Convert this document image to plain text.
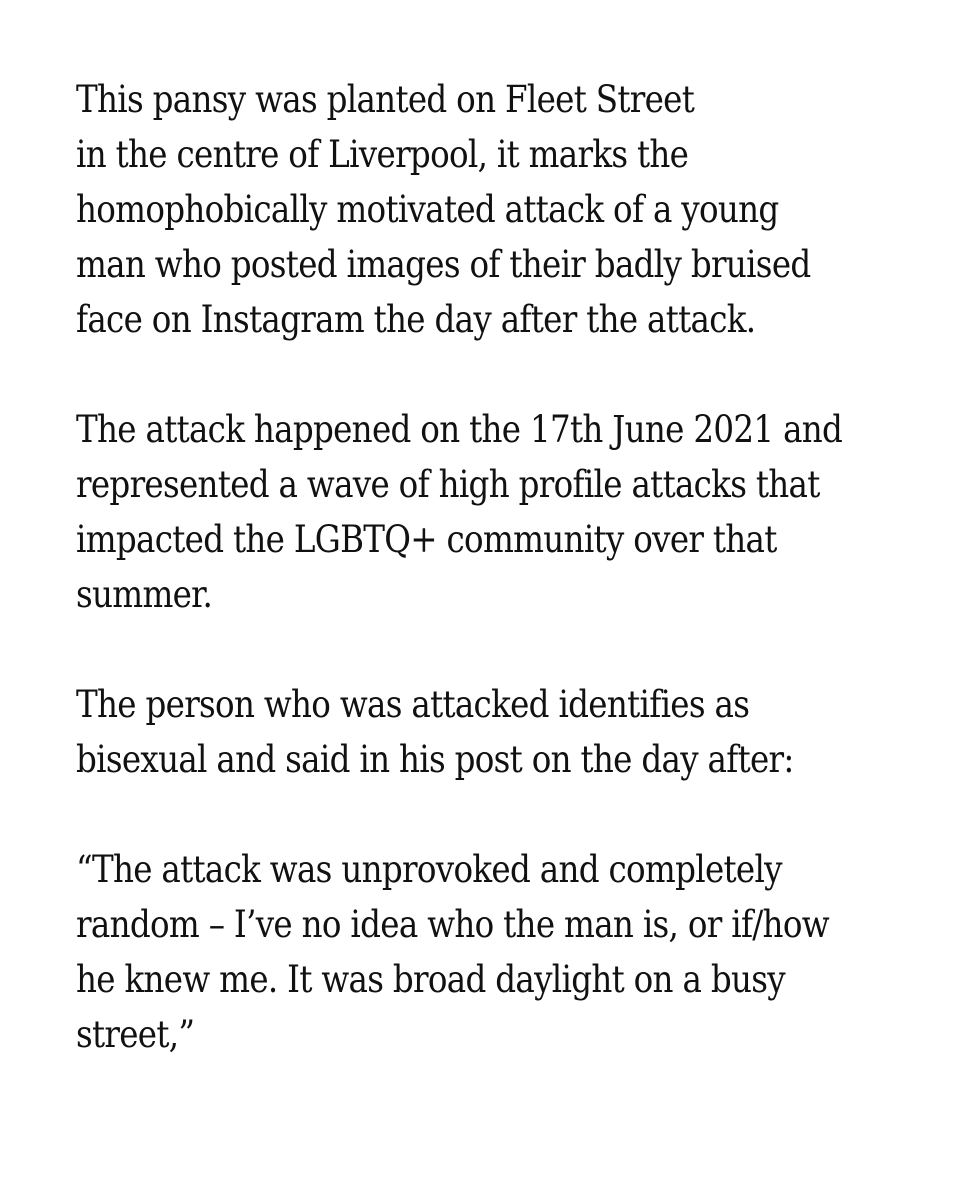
This pansy was planted on Fleet Street
in the centre of Liverpool, it marks the
homophobically motivated attack of a young
man who posted images of their badly bruised
face on Instagram the day after the attack.

The attack happened on the 17th June 2021 and
represented a wave of high profile attacks that
impacted the LGBTQ+ community over that
summer.

The person who was attacked identifies as
bisexual and said in his post on the day after:

“The attack was unprovoked and completely
random – I’ve no idea who the man is, or if/how
he knew me. It was broad daylight on a busy
street,”
